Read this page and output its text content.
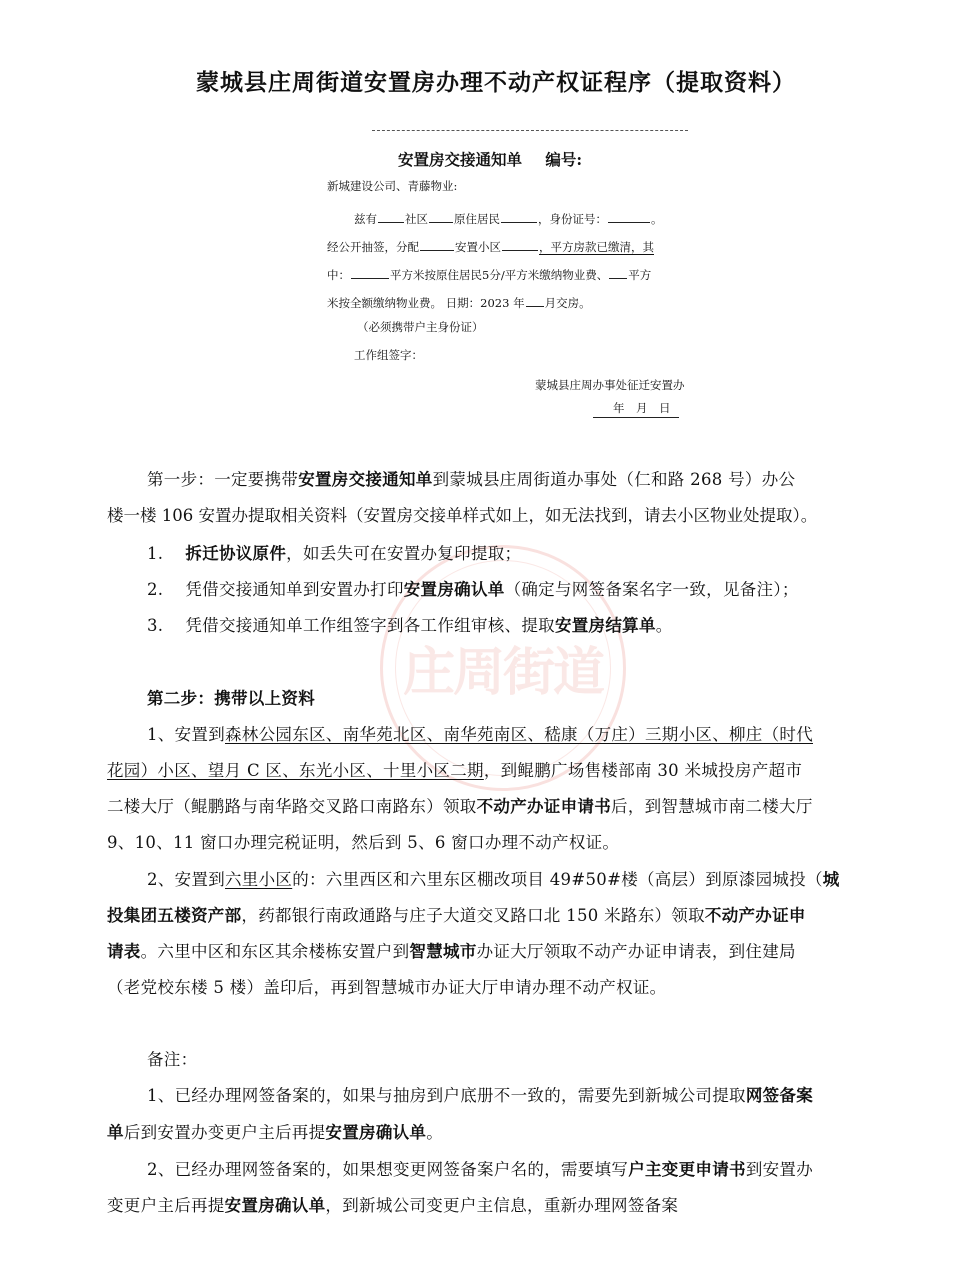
蒙城县庄周街道安置房办理不动产权证程序（提取资料）
安置房交接通知单 编号:
新城建设公司、青藤物业:
兹有 社区 原住居民	，身份证号：	。
经公开抽签，分配	安置小区	，平方房款已缴清，其
中：	平方米按原住居民5分/平方米缴纳物业费、 平方
米按全额缴纳物业费。 日期：2023 年 月交房。
（必须携带户主身份证）
工作组签字：
蒙城县庄周办事处征迁安置办
年　月　日
庄周街道
第一步：一定要携带安置房交接通知单到蒙城县庄周街道办事处（仁和路 268 号）办公
楼一楼 106 安置办提取相关资料（安置房交接单样式如上，如无法找到，请去小区物业处提取）。
1. 拆迁协议原件，如丢失可在安置办复印提取；
2. 凭借交接通知单到安置办打印安置房确认单（确定与网签备案名字一致，见备注）；
3. 凭借交接通知单工作组签字到各工作组审核、提取安置房结算单。
第二步：携带以上资料
1、安置到森林公园东区、南华苑北区、南华苑南区、嵇康（万庄）三期小区、柳庄（时代
花园）小区、望月 C 区、东光小区、十里小区二期，到鲲鹏广场售楼部南 30 米城投房产超市
二楼大厅（鲲鹏路与南华路交叉路口南路东）领取不动产办证申请书后，到智慧城市南二楼大厅
9、10、11 窗口办理完税证明，然后到 5、6 窗口办理不动产权证。
2、安置到六里小区的：六里西区和六里东区棚改项目 49#50#楼（高层）到原漆园城投（城
投集团五楼资产部，药都银行南政通路与庄子大道交叉路口北 150 米路东）领取不动产办证申
请表。六里中区和东区其余楼栋安置户到智慧城市办证大厅领取不动产办证申请表，到住建局
（老党校东楼 5 楼）盖印后，再到智慧城市办证大厅申请办理不动产权证。
备注：
1、已经办理网签备案的，如果与抽房到户底册不一致的，需要先到新城公司提取网签备案
单后到安置办变更户主后再提安置房确认单。
2、已经办理网签备案的，如果想变更网签备案户名的，需要填写户主变更申请书到安置办
变更户主后再提安置房确认单，到新城公司变更户主信息，重新办理网签备案
